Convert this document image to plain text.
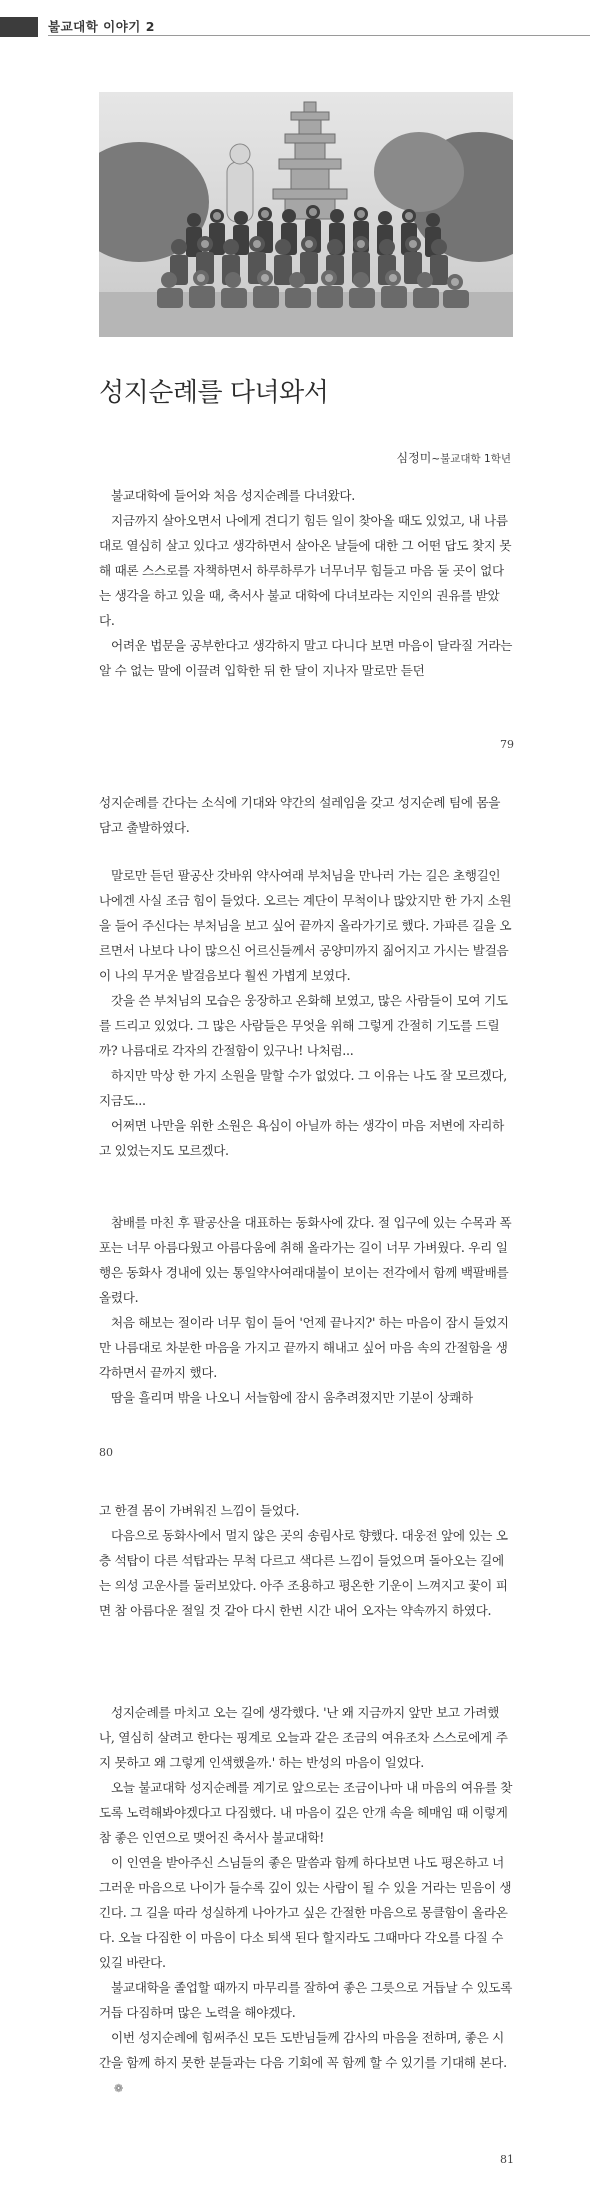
불교대학 이야기 2
성지순례를 다녀와서
심정미~불교대학 1학년

불교대학에 들어와 처음 성지순례를 다녀왔다.

지금까지 살아오면서 나에게 견디기 힘든 일이 찾아올 때도 있었고, 내 나름대로 열심히 살고 있다고 생각하면서 살아온 날들에 대한 그 어떤 답도 찾지 못해 때론 스스로를 자책하면서 하루하루가 너무너무 힘들고 마음 둘 곳이 없다는 생각을 하고 있을 때, 축서사 불교 대학에 다녀보라는 지인의 권유를 받았다.

어려운 법문을 공부한다고 생각하지 말고 다니다 보면 마음이 달라질 거라는 알 수 없는 말에 이끌려 입학한 뒤 한 달이 지나자 말로만 듣던

79

성지순례를 간다는 소식에 기대와 약간의 설레임을 갖고 성지순례 팀에 몸을 담고 출발하였다.

말로만 듣던 팔공산 갓바위 약사여래 부처님을 만나러 가는 길은 초행길인 나에겐 사실 조금 힘이 들었다. 오르는 계단이 무척이나 많았지만 한 가지 소원을 들어 주신다는 부처님을 보고 싶어 끝까지 올라가기로 했다. 가파른 길을 오르면서 나보다 나이 많으신 어르신들께서 공양미까지 짊어지고 가시는 발걸음이 나의 무거운 발걸음보다 훨씬 가볍게 보였다.

갓을 쓴 부처님의 모습은 웅장하고 온화해 보였고, 많은 사람들이 모여 기도를 드리고 있었다. 그 많은 사람들은 무엇을 위해 그렇게 간절히 기도를 드릴까? 나름대로 각자의 간절함이 있구나! 나처럼...

하지만 막상 한 가지 소원을 말할 수가 없었다. 그 이유는 나도 잘 모르겠다, 지금도...

어쩌면 나만을 위한 소원은 욕심이 아닐까 하는 생각이 마음 저변에 자리하고 있었는지도 모르겠다.

참배를 마친 후 팔공산을 대표하는 동화사에 갔다. 절 입구에 있는 수목과 폭포는 너무 아름다웠고 아름다움에 취해 올라가는 길이 너무 가벼웠다. 우리 일행은 동화사 경내에 있는 통일약사여래대불이 보이는 전각에서 함께 백팔배를 올렸다.

처음 해보는 절이라 너무 힘이 들어 '언제 끝나지?' 하는 마음이 잠시 들었지만 나름대로 차분한 마음을 가지고 끝까지 해내고 싶어 마음 속의 간절함을 생각하면서 끝까지 했다.

땀을 흘리며 밖을 나오니 서늘함에 잠시 움추려졌지만 기분이 상쾌하

80

고 한결 몸이 가벼워진 느낌이 들었다.

다음으로 동화사에서 멀지 않은 곳의 송림사로 향했다. 대웅전 앞에 있는 오층 석탑이 다른 석탑과는 무척 다르고 색다른 느낌이 들었으며 돌아오는 길에는 의성 고운사를 둘러보았다. 아주 조용하고 평온한 기운이 느껴지고 꽃이 피면 참 아름다운 절일 것 같아 다시 한번 시간 내어 오자는 약속까지 하였다.

성지순례를 마치고 오는 길에 생각했다. '난 왜 지금까지 앞만 보고 가려했나, 열심히 살려고 한다는 핑계로 오늘과 같은 조금의 여유조차 스스로에게 주지 못하고 왜 그렇게 인색했을까.' 하는 반성의 마음이 일었다.

오늘 불교대학 성지순례를 계기로 앞으로는 조금이나마 내 마음의 여유를 찾도록 노력해봐야겠다고 다짐했다. 내 마음이 깊은 안개 속을 헤매임 때 이렇게 참 좋은 인연으로 맺어진 축서사 불교대학!

이 인연을 받아주신 스님들의 좋은 말씀과 함께 하다보면 나도 평온하고 너그러운 마음으로 나이가 들수록 깊이 있는 사람이 될 수 있을 거라는 믿음이 생긴다. 그 길을 따라 성실하게 나아가고 싶은 간절한 마음으로 몽클함이 올라온다. 오늘 다짐한 이 마음이 다소 퇴색 된다 할지라도 그때마다 각오를 다질 수 있길 바란다.

불교대학을 졸업할 때까지 마무리를 잘하여 좋은 그릇으로 거듭날 수 있도록 거듭 다짐하며 많은 노력을 해야겠다.

이번 성지순례에 힘써주신 모든 도반님들께 감사의 마음을 전하며, 좋은 시간을 함께 하지 못한 분들과는 다음 기회에 꼭 함께 할 수 있기를 기대해 본다.❁

81
